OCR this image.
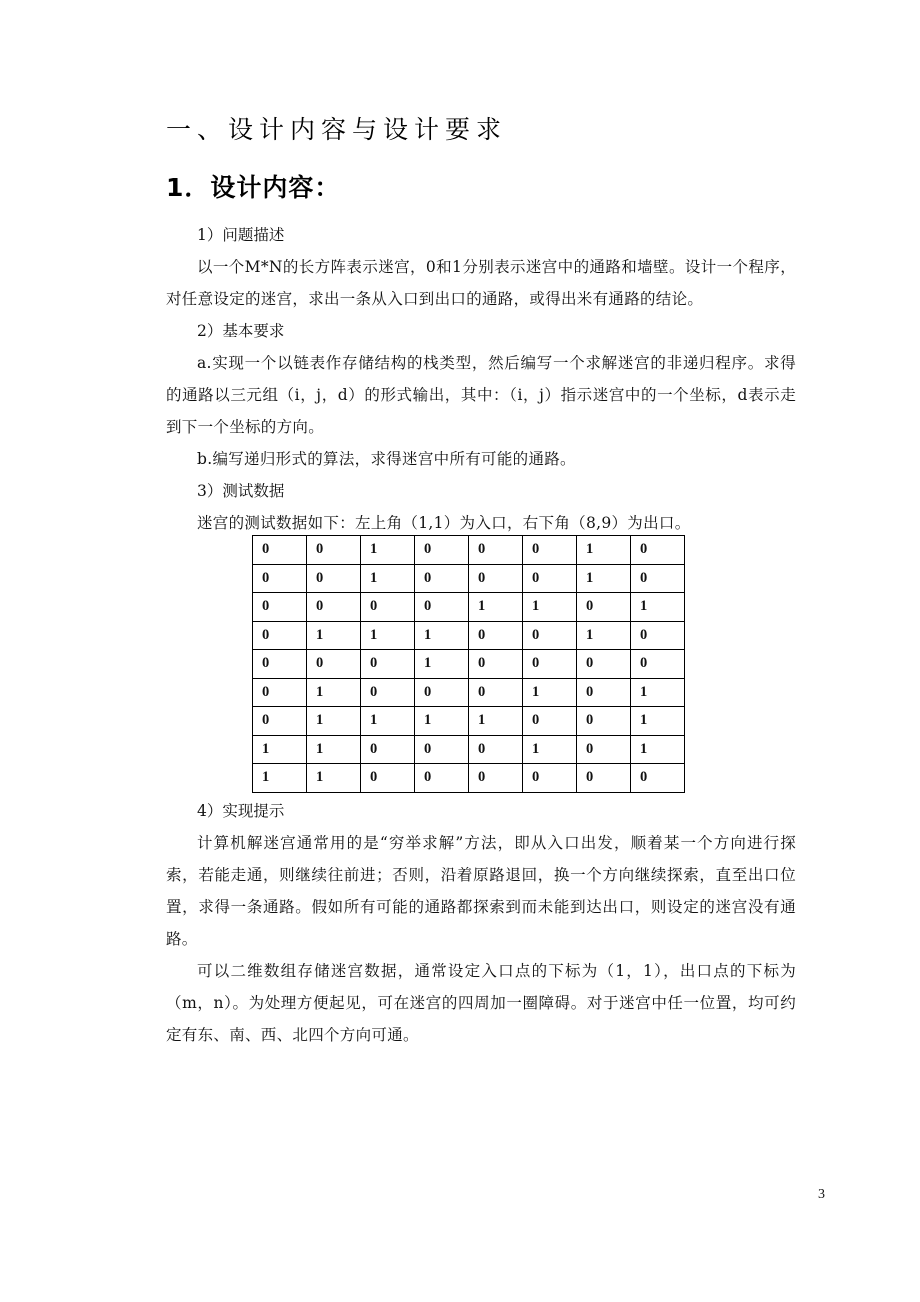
一、设计内容与设计要求
1．设计内容：

1）问题描述

以一个M*N的长方阵表示迷宫，0和1分别表示迷宫中的通路和墙壁。设计一个程序，对任意设定的迷宫，求出一条从入口到出口的通路，或得出米有通路的结论。

2）基本要求

a.实现一个以链表作存储结构的栈类型，然后编写一个求解迷宫的非递归程序。求得的通路以三元组（i，j，d）的形式输出，其中：（i，j）指示迷宫中的一个坐标，d表示走到下一个坐标的方向。

b.编写递归形式的算法，求得迷宫中所有可能的通路。

3）测试数据

迷宫的测试数据如下：左上角（1,1）为入口，右下角（8,9）为出口。

0	0	1	0	0	0	1	0
0	0	1	0	0	0	1	0
0	0	0	0	1	1	0	1
0	1	1	1	0	0	1	0
0	0	0	1	0	0	0	0
0	1	0	0	0	1	0	1
0	1	1	1	1	0	0	1
1	1	0	0	0	1	0	1
1	1	0	0	0	0	0	0

4）实现提示

计算机解迷宫通常用的是“穷举求解”方法，即从入口出发，顺着某一个方向进行探索，若能走通，则继续往前进；否则，沿着原路退回，换一个方向继续探索，直至出口位置，求得一条通路。假如所有可能的通路都探索到而未能到达出口，则设定的迷宫没有通路。

可以二维数组存储迷宫数据，通常设定入口点的下标为（1，1），出口点的下标为（m，n）。为处理方便起见，可在迷宫的四周加一圈障碍。对于迷宫中任一位置，均可约定有东、南、西、北四个方向可通。

3
